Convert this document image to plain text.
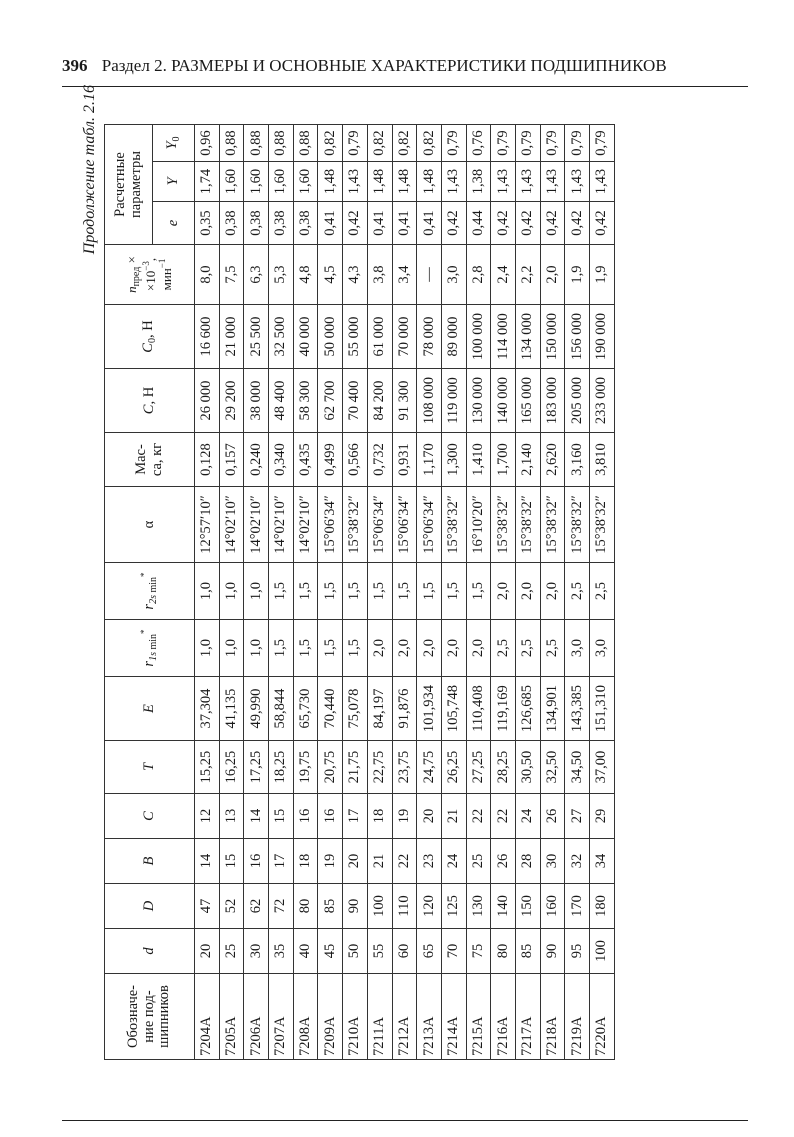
396 Раздел 2. РАЗМЕРЫ И ОСНОВНЫЕ ХАРАКТЕРИСТИКИ ПОДШИПНИКОВ
Продолжение табл. 2.16
Обозначе-
ние под-
шипников	d	D	B	C	T	E	$r_{1s}$ $_{min}$*	$r_{2s}$ $_{min}$*	α	Мас-
са, кг	C, Н	$C_0$, Н	$n_{пред}$ ×
$\times 10^{-3}$,
мин$^{-1}$	Расчетные
параметры		
														e	Y	$Y_0$
7204A	20	47	14	12	15,25	37,304	1,0	1,0	12°57′10″	0,128	26 000	16 600	8,0	0,35	1,74	0,96
7205A	25	52	15	13	16,25	41,135	1,0	1,0	14°02′10″	0,157	29 200	21 000	7,5	0,38	1,60	0,88
7206A	30	62	16	14	17,25	49,990	1,0	1,0	14°02′10″	0,240	38 000	25 500	6,3	0,38	1,60	0,88
7207A	35	72	17	15	18,25	58,844	1,5	1,5	14°02′10″	0,340	48 400	32 500	5,3	0,38	1,60	0,88
7208A	40	80	18	16	19,75	65,730	1,5	1,5	14°02′10″	0,435	58 300	40 000	4,8	0,38	1,60	0,88
7209A	45	85	19	16	20,75	70,440	1,5	1,5	15°06′34″	0,499	62 700	50 000	4,5	0,41	1,48	0,82
7210A	50	90	20	17	21,75	75,078	1,5	1,5	15°38′32″	0,566	70 400	55 000	4,3	0,42	1,43	0,79
7211A	55	100	21	18	22,75	84,197	2,0	1,5	15°06′34″	0,732	84 200	61 000	3,8	0,41	1,48	0,82
7212A	60	110	22	19	23,75	91,876	2,0	1,5	15°06′34″	0,931	91 300	70 000	3,4	0,41	1,48	0,82
7213A	65	120	23	20	24,75	101,934	2,0	1,5	15°06′34″	1,170	108 000	78 000	—	0,41	1,48	0,82
7214A	70	125	24	21	26,25	105,748	2,0	1,5	15°38′32″	1,300	119 000	89 000	3,0	0,42	1,43	0,79
7215A	75	130	25	22	27,25	110,408	2,0	1,5	16°10′20″	1,410	130 000	100 000	2,8	0,44	1,38	0,76
7216A	80	140	26	22	28,25	119,169	2,5	2,0	15°38′32″	1,700	140 000	114 000	2,4	0,42	1,43	0,79
7217A	85	150	28	24	30,50	126,685	2,5	2,0	15°38′32″	2,140	165 000	134 000	2,2	0,42	1,43	0,79
7218A	90	160	30	26	32,50	134,901	2,5	2,0	15°38′32″	2,620	183 000	150 000	2,0	0,42	1,43	0,79
7219A	95	170	32	27	34,50	143,385	3,0	2,5	15°38′32″	3,160	205 000	156 000	1,9	0,42	1,43	0,79
7220A	100	180	34	29	37,00	151,310	3,0	2,5	15°38′32″	3,810	233 000	190 000	1,9	0,42	1,43	0,79
